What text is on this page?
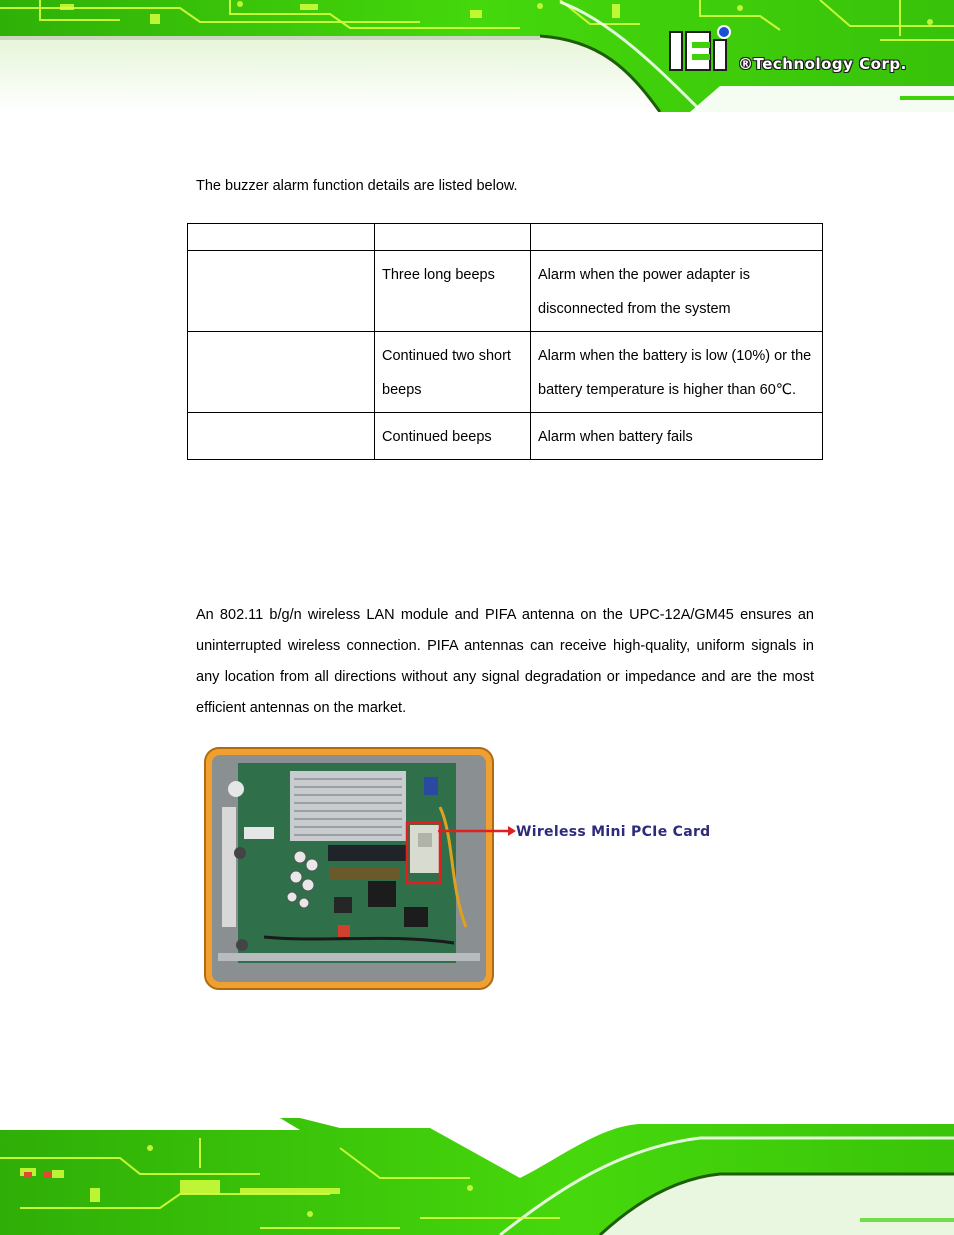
®Technology Corp.
The buzzer alarm function details are listed below.

	Three long beeps	Alarm when the power adapter is disconnected from the system
	Continued two short beeps	Alarm when the battery is low (10%) or the battery temperature is higher than 60℃.
	Continued beeps	Alarm when battery fails
An 802.11 b/g/n wireless LAN module and PIFA antenna on the UPC-12A/GM45 ensures an uninterrupted wireless connection. PIFA antennas can receive high-quality, uniform signals in any location from all directions without any signal degradation or impedance and are the most efficient antennas on the market.
Wireless Mini PCIe Card
